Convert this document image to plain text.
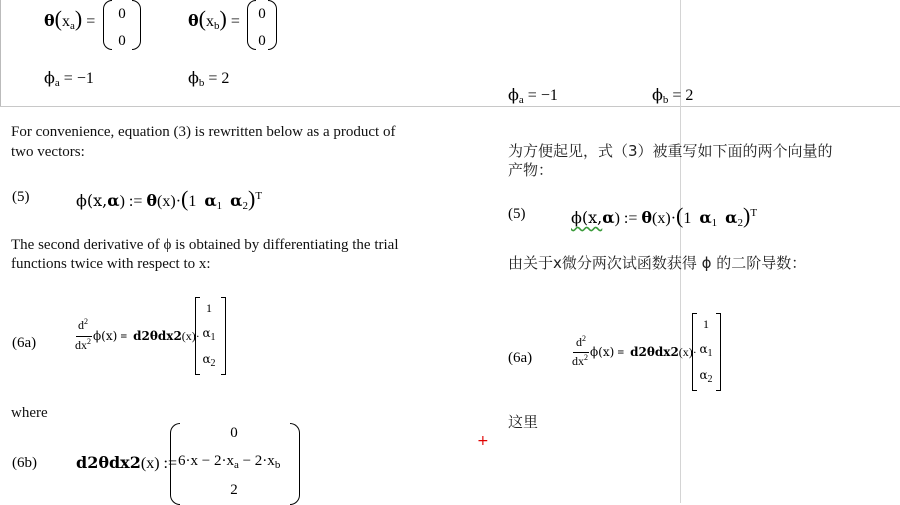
θ(xa) =	0
0
θ(xb) =	0
0
ϕa = −1	ϕb = 2
ϕa = −1	ϕb = 2
For convenience, equation (3) is rewritten below as a product of
two vectors:
(5)	ϕ(x,α) := θ(x)·(1 α1 α2)$^T$
The second derivative of ϕ is obtained by differentiating the trial
functions twice with respect to x:
(6a)
$d^2$
$dx^2$ ϕ(x) = d2θdx2(x)·
1
$\alpha_1$
$\alpha_2$
where
(6b) d2θdx2(x) :=
0
$6\cdot x - 2\cdot x_a - 2\cdot x_b$
2
为方便起见，式（3）被重写如下面的两个向量的
产物：
(5)	ϕ(x,α) := θ(x)·(1 α1 α2)$^T$
由关于x微分两次试函数获得 ϕ 的二阶导数：
(6a)
$d^2$
$dx^2$ ϕ(x) = d2θdx2(x)·
1
$\alpha_1$
$\alpha_2$
这里
+
